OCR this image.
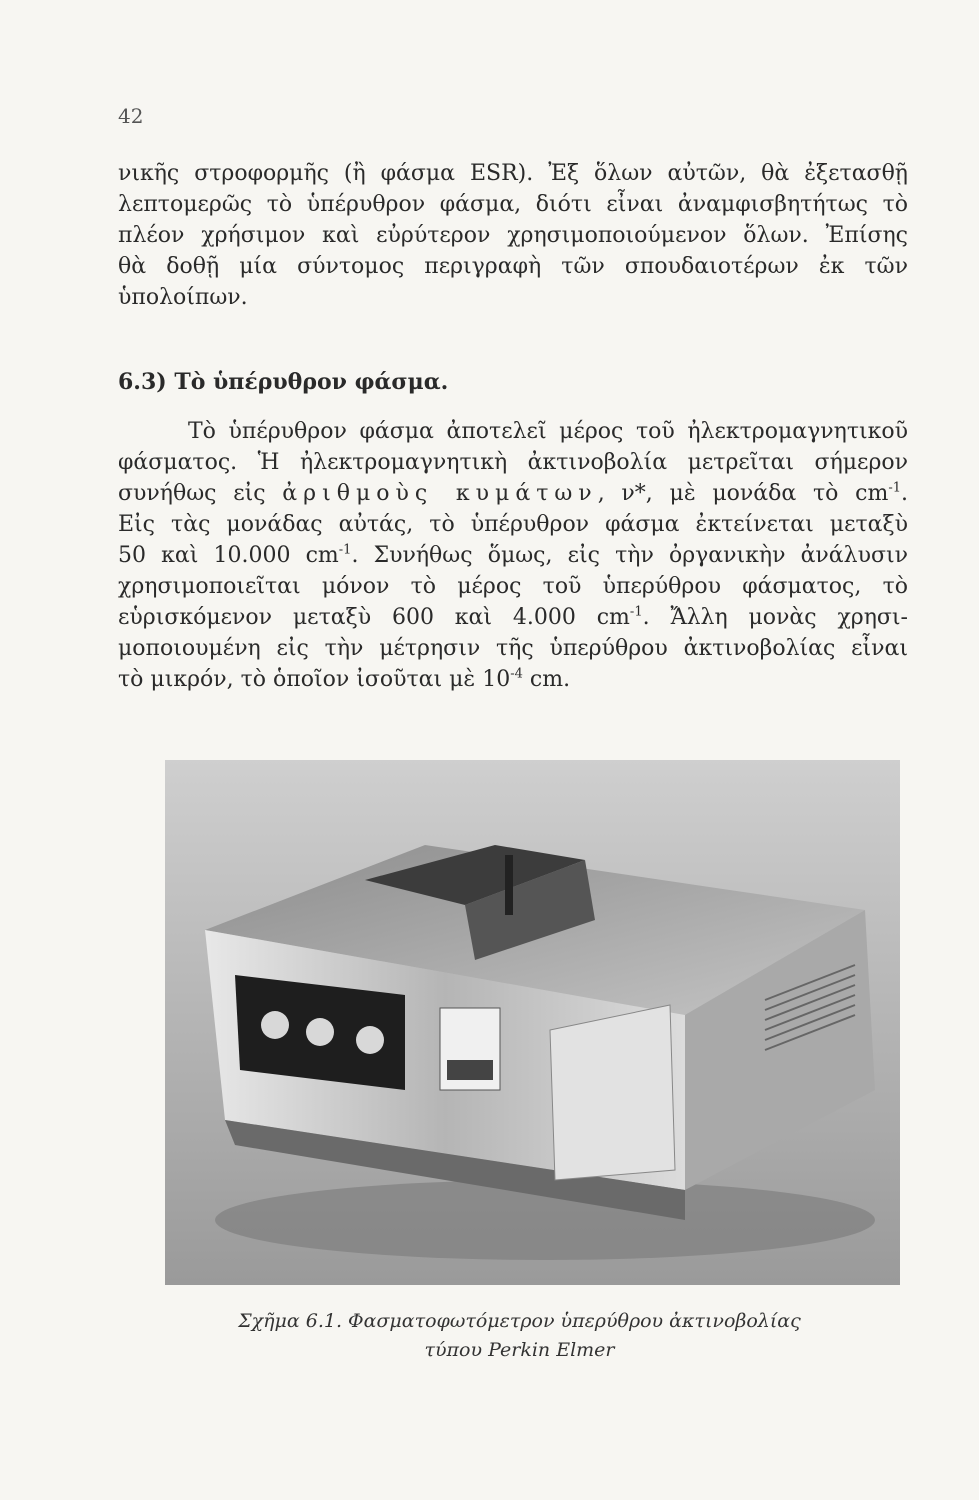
42
νικῆς στροφορμῆς (ἢ φάσμα ESR). Ἐξ ὅλων αὐτῶν, θὰ ἐξετασθῇ
λεπτομερῶς τὸ ὑπέρυθρον φάσμα, διότι εἶναι ἀναμφισβητήτως τὸ
πλέον χρήσιμον καὶ εὐρύτερον χρησιμοποιούμενον ὅλων. Ἐπίσης
θὰ δοθῇ μία σύντομος περιγραφὴ τῶν σπουδαιοτέρων ἐκ τῶν
ὑπολοίπων.
6.3) Τὸ ὑπέρυθρον φάσμα.
Τὸ ὑπέρυθρον φάσμα ἀποτελεῖ μέρος τοῦ ἠλεκτρομαγνητικοῦ
φάσματος. Ἡ ἠλεκτρομαγνητικὴ ἀκτινοβολία μετρεῖται σήμερον
συνήθως εἰς ἀριθμοὺς κυμάτων, ν*, μὲ μονάδα τὸ $cm^{-1}$.
Εἰς τὰς μονάδας αὐτάς, τὸ ὑπέρυθρον φάσμα ἐκτείνεται μεταξὺ
50 καὶ 10.000 $cm^{-1}$. Συνήθως ὅμως, εἰς τὴν ὀργανικὴν ἀνάλυσιν
χρησιμοποιεῖται μόνον τὸ μέρος τοῦ ὑπερύθρου φάσματος, τὸ
εὑρισκόμενον μεταξὺ 600 καὶ 4.000 $cm^{-1}$. Ἄλλη μονὰς χρησι-
μοποιουμένη εἰς τὴν μέτρησιν τῆς ὑπερύθρου ἀκτινοβολίας εἶναι
τὸ μικρόν, τὸ ὁποῖον ἰσοῦται μὲ $10^{-4}$ cm.
Σχῆμα 6.1. Φασματοφωτόμετρον ὑπερύθρου ἀκτινοβολίας
τύπου Perkin Elmer
